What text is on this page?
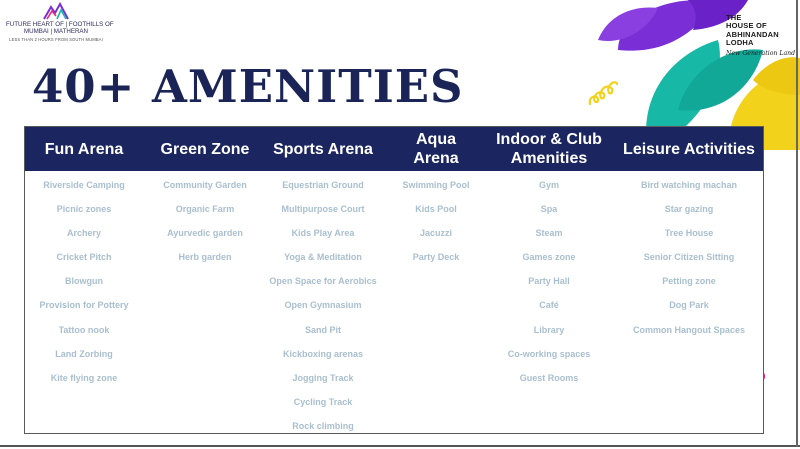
FUTURE HEART OF | FOOTHILLS OF
MUMBAI | MATHERAN
LESS THAN 2 HOURS FROM SOUTH MUMBAI
40+ AMENITIES
THE
HOUSE OF
ABHINANDAN
LODHA
New Generation Land
Fun Arena	Green Zone	Sports Arena
Aqua Arena
Indoor & Club Amenities
Leisure Activities
Riverside Camping
Picnic zones
Archery
Cricket Pitch
Blowgun
Provision for Pottery
Tattoo nook
Land Zorbing
Kite flying zone
Community Garden
Organic Farm
Ayurvedic garden
Herb garden
Equestrian Ground
Multipurpose Court
Kids Play Area
Yoga & Meditation
Open Space for Aerobics
Open Gymnasium
Sand Pit
Kickboxing arenas
Jogging Track
Cycling Track
Rock climbing
Swimming Pool
Kids Pool
Jacuzzi
Party Deck
Gym
Spa
Steam
Games zone
Party Hall
Café
Library
Co-working spaces
Guest Rooms
Bird watching machan
Star gazing
Tree House
Senior Citizen Sitting
Petting zone
Dog Park
Common Hangout Spaces
